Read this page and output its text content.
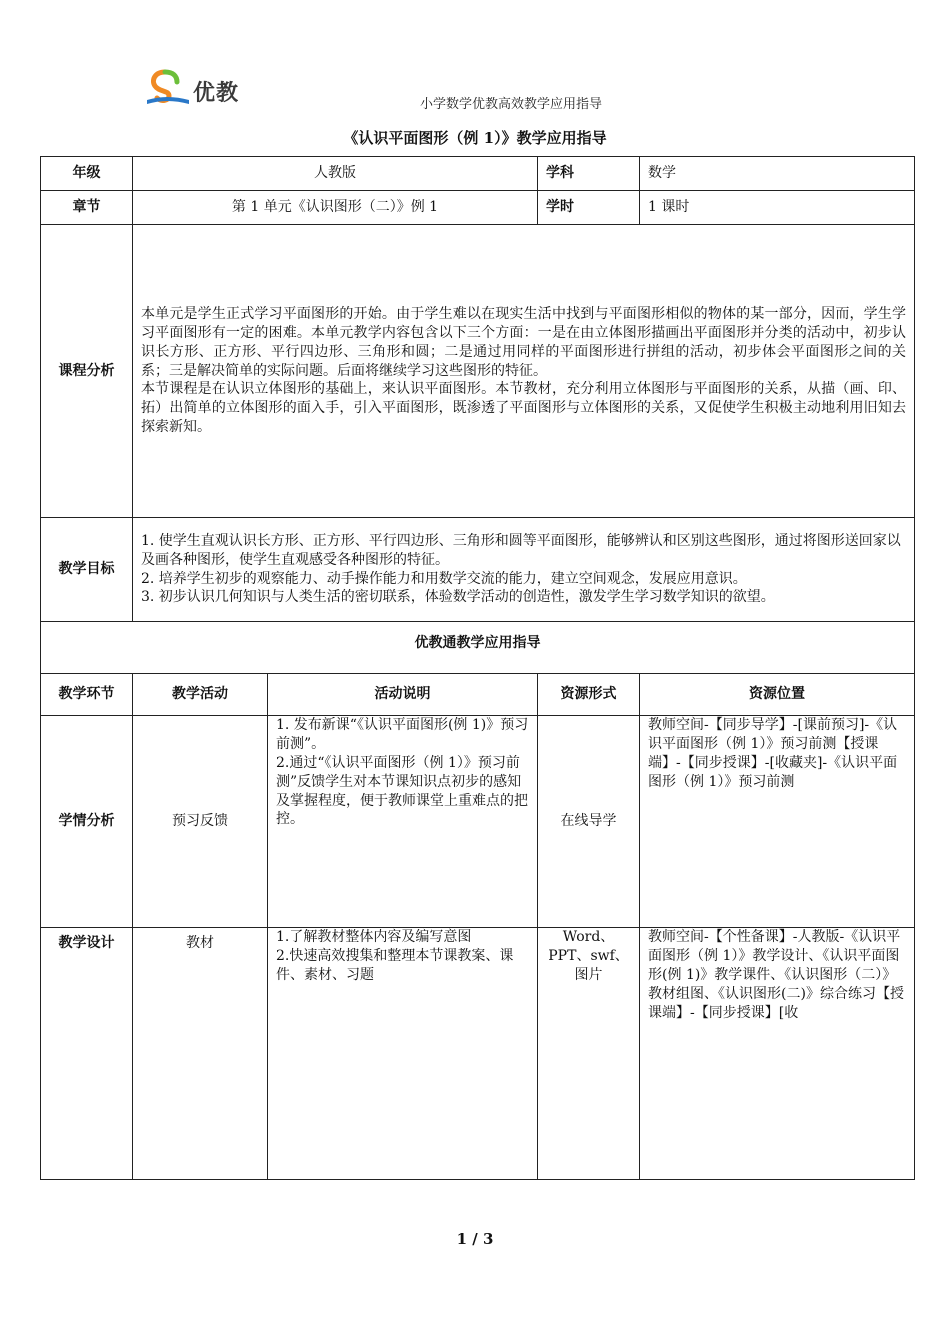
优教	小学数学优教高效教学应用指导
《认识平面图形（例 1）》教学应用指导
年级	人教版		学科	数学
章节	第 1 单元《认识图形（二）》例 1		学时	1 课时
课程分析	本单元是学生正式学习平面图形的开始。由于学生难以在现实生活中找到与平面图形相似的物体的某一部分，因而，学生学习平面图形有一定的困难。本单元教学内容包含以下三个方面：一是在由立体图形描画出平面图形并分类的活动中，初步认识长方形、正方形、平行四边形、三角形和圆；二是通过用同样的平面图形进行拼组的活动，初步体会平面图形之间的关系；三是解决简单的实际问题。后面将继续学习这些图形的特征。
本节课程是在认识立体图形的基础上，来认识平面图形。本节教材，充分利用立体图形与平面图形的关系，从描（画、印、拓）出简单的立体图形的面入手，引入平面图形，既渗透了平面图形与立体图形的关系，又促使学生积极主动地利用旧知去探索新知。			

教学目标	1. 使学生直观认识长方形、正方形、平行四边形、三角形和圆等平面图形，能够辨认和区别这些图形，通过将图形送回家以及画各种图形，使学生直观感受各种图形的特征。
2. 培养学生初步的观察能力、动手操作能力和用数学交流的能力，建立空间观念，发展应用意识。
3. 初步认识几何知识与人类生活的密切联系，体验数学活动的创造性，激发学生学习数学知识的欲望。			

优教通教学应用指导				
教学环节	教学活动	活动说明	资源形式	资源位置
学情分析	预习反馈	1. 发布新课“《认识平面图形(例 1)》预习前测”。
2.通过“《认识平面图形（例 1）》预习前测”反馈学生对本节课知识点初步的感知及掌握程度，便于教师课堂上重难点的把控。	在线导学	教师空间-【同步导学】-[课前预习]-《认识平面图形（例 1）》预习前测【授课端】-【同步授课】-[收藏夹]-《认识平面图形（例 1）》预习前测
教学设计	教材	1.了解教材整体内容及编写意图
2.快速高效搜集和整理本节课教案、课件、素材、习题	Word、PPT、swf、图片	教师空间-【个性备课】-人教版-《认识平面图形（例 1）》教学设计、《认识平面图形(例 1)》教学课件、《认识图形（二）》教材组图、《认识图形(二)》综合练习【授课端】-【同步授课】[收
1 / 3
